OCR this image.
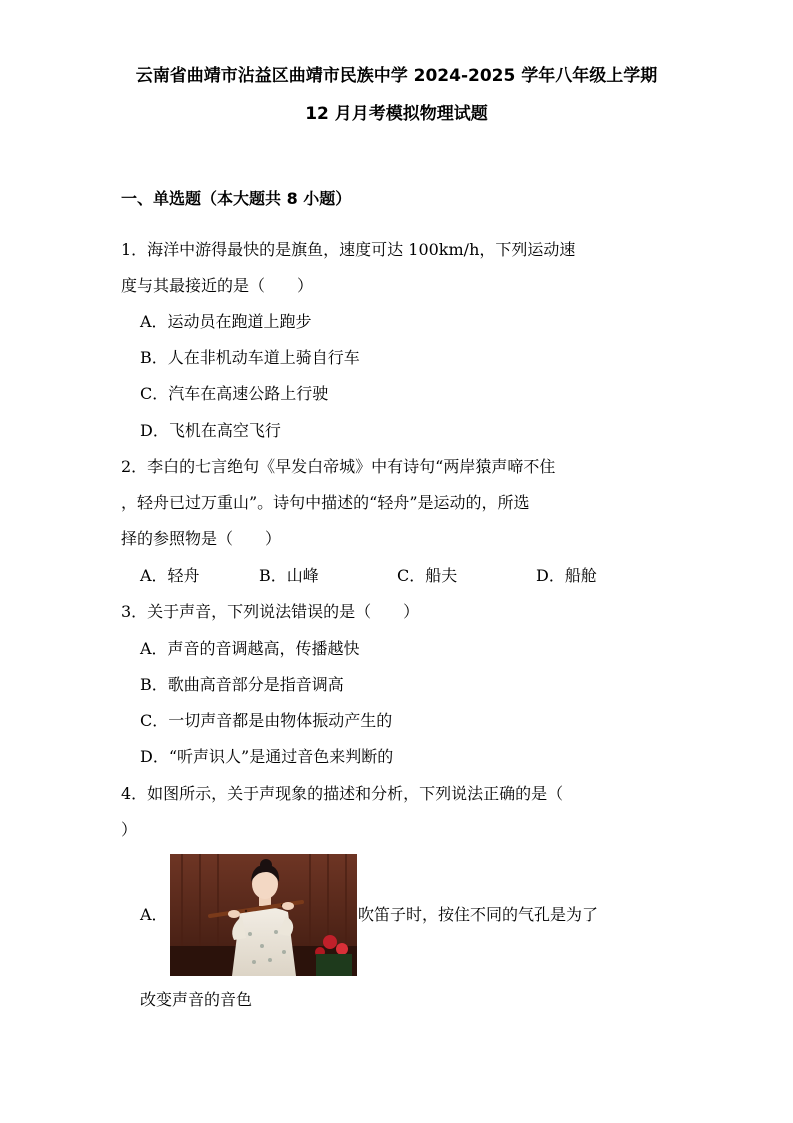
云南省曲靖市沾益区曲靖市民族中学 2024-2025 学年八年级上学期
12 月月考模拟物理试题
一、单选题（本大题共 8 小题）
1．海洋中游得最快的是旗鱼，速度可达 100km/h，下列运动速
度与其最接近的是（　　）
A．运动员在跑道上跑步
B．人在非机动车道上骑自行车
C．汽车在高速公路上行驶
D．飞机在高空飞行
2．李白的七言绝句《早发白帝城》中有诗句“两岸猿声啼不住
，轻舟已过万重山”。诗句中描述的“轻舟”是运动的，所选
择的参照物是（　　）
A．轻舟	B．山峰	C．船夫	D．船舱
3．关于声音，下列说法错误的是（　　）
A．声音的音调越高，传播越快
B．歌曲高音部分是指音调高
C．一切声音都是由物体振动产生的
D．“听声识人”是通过音色来判断的
4．如图所示，关于声现象的描述和分析，下列说法正确的是（
）
A．	吹笛子时，按住不同的气孔是为了
改变声音的音色
